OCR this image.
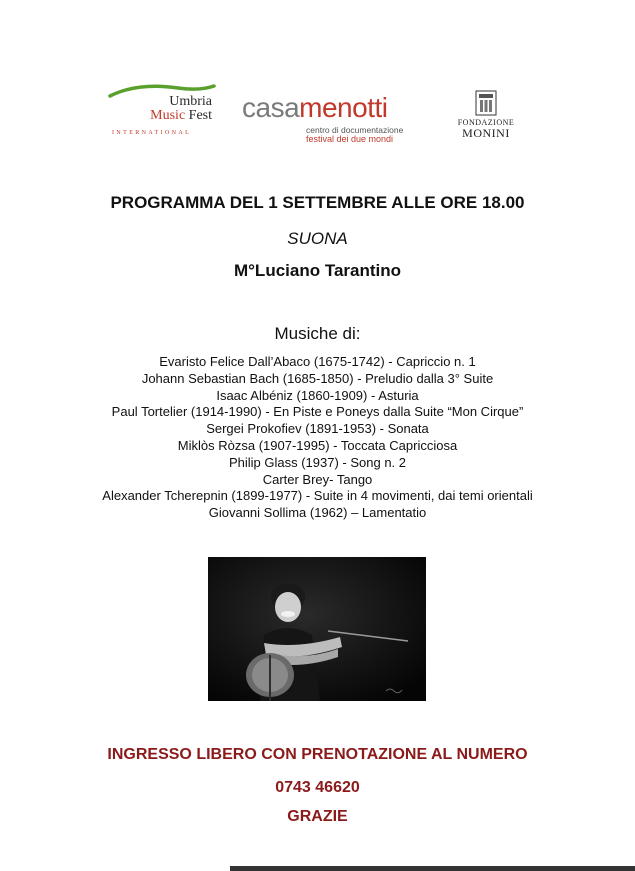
Umbria
Music Fest
INTERNATIONAL
casamenotti
centro di documentazione
festival dei due mondi
FONDAZIONE
MONINI
PROGRAMMA DEL 1 SETTEMBRE ALLE ORE 18.00
SUONA
M°Luciano Tarantino
Musiche di:
Evaristo Felice Dall’Abaco (1675-1742) - Capriccio n. 1
Johann Sebastian Bach (1685-1850) - Preludio dalla 3° Suite
Isaac Albéniz (1860-1909) - Asturia
Paul Tortelier (1914-1990) - En Piste e Poneys dalla Suite “Mon Cirque”
Sergei Prokofiev (1891-1953) - Sonata
Miklòs Ròzsa (1907-1995) - Toccata Capricciosa
Philip Glass (1937) - Song n. 2
Carter Brey- Tango
Alexander Tcherepnin (1899-1977) - Suite in 4 movimenti, dai temi orientali
Giovanni Sollima (1962) – Lamentatio
INGRESSO LIBERO CON PRENOTAZIONE AL NUMERO
0743 46620
GRAZIE
